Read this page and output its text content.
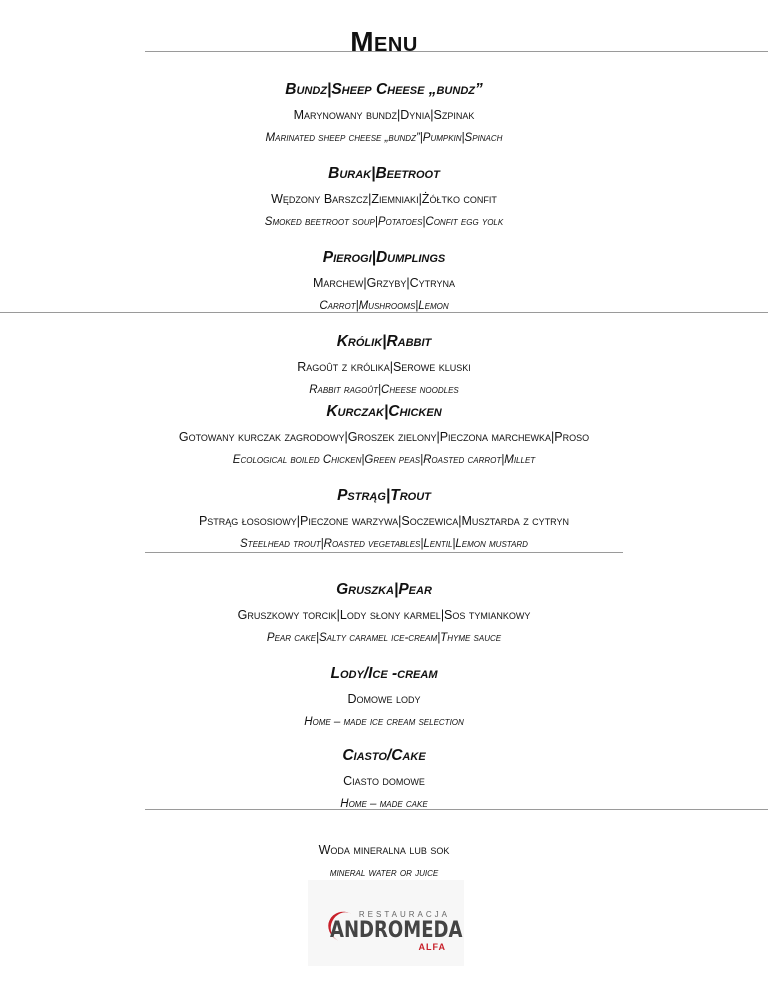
Menu
Bundz|Sheep Cheese „bundz”
Marynowany bundz|Dynia|Szpinak
Marinated sheep cheese „bundz”|Pumpkin|Spinach
Burak|Beetroot
Wędzony Barszcz|Ziemniaki|Żółtko confit
Smoked beetroot soup|Potatoes|Confit egg yolk
Pierogi|Dumplings
Marchew|Grzyby|Cytryna
Carrot|Mushrooms|Lemon
Królik|Rabbit
Ragoût z królika|Serowe kluski
Rabbit ragoût|Cheese noodles
Kurczak|Chicken
Gotowany kurczak zagrodowy|Groszek zielony|Pieczona marchewka|Proso
Ecological boiled Chicken|Green peas|Roasted carrot|Millet
Pstrąg|Trout
Pstrąg łososiowy|Pieczone warzywa|Soczewica|Musztarda z cytryn
Steelhead trout|Roasted vegetables|Lentil|Lemon mustard
Gruszka|Pear
Gruszkowy torcik|Lody słony karmel|Sos tymiankowy
Pear cake|Salty caramel ice-cream|Thyme sauce
Lody/Ice -cream
Domowe lody
Home – made ice cream selection
Ciasto/Cake
Ciasto domowe
Home – made cake
Woda mineralna lub sok
mineral water or juice
RESTAURACJA
ANDROMEDA
ALFA
